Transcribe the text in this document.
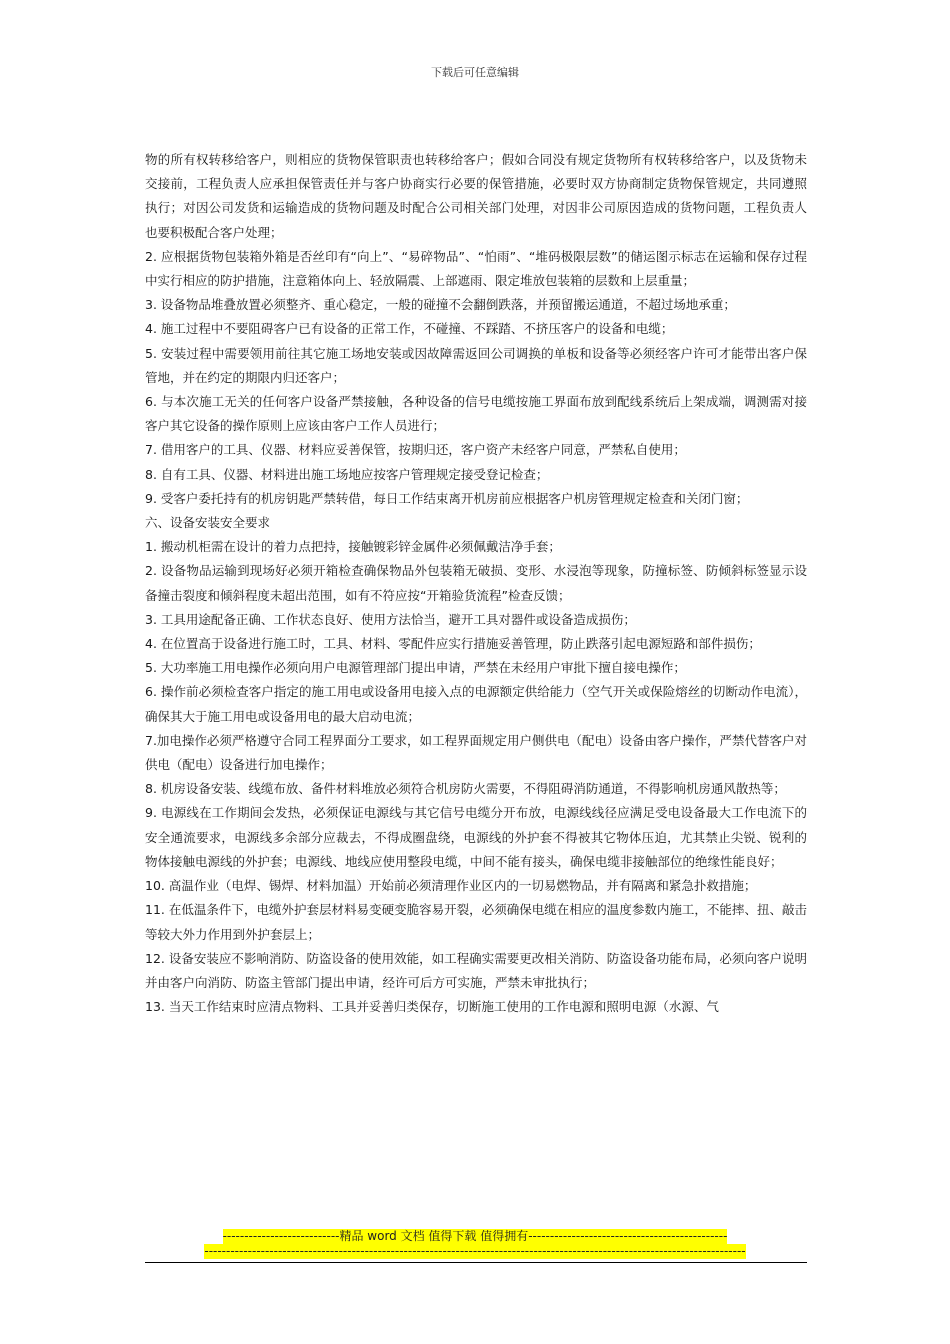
下载后可任意编辑

物的所有权转移给客户，则相应的货物保管职责也转移给客户；假如合同没有规定货物所有权转移给客户，以及货物未交接前，工程负责人应承担保管责任并与客户协商实行必要的保管措施，必要时双方协商制定货物保管规定，共同遵照执行；对因公司发货和运输造成的货物问题及时配合公司相关部门处理，对因非公司原因造成的货物问题，工程负责人也要积极配合客户处理；

2. 应根据货物包装箱外箱是否丝印有“向上”、“易碎物品”、“怕雨”、“堆码极限层数”的储运图示标志在运输和保存过程中实行相应的防护措施，注意箱体向上、轻放隔震、上部遮雨、限定堆放包装箱的层数和上层重量；

3. 设备物品堆叠放置必须整齐、重心稳定，一般的碰撞不会翻倒跌落，并预留搬运通道，不超过场地承重；

4. 施工过程中不要阻碍客户已有设备的正常工作，不碰撞、不踩踏、不挤压客户的设备和电缆；

5. 安装过程中需要领用前往其它施工场地安装或因故障需返回公司调换的单板和设备等必须经客户许可才能带出客户保管地，并在约定的期限内归还客户；

6. 与本次施工无关的任何客户设备严禁接触，各种设备的信号电缆按施工界面布放到配线系统后上架成端，调测需对接客户其它设备的操作原则上应该由客户工作人员进行；

7. 借用客户的工具、仪器、材料应妥善保管，按期归还，客户资产未经客户同意，严禁私自使用；

8. 自有工具、仪器、材料进出施工场地应按客户管理规定接受登记检查；

9. 受客户委托持有的机房钥匙严禁转借，每日工作结束离开机房前应根据客户机房管理规定检查和关闭门窗；

六、设备安装安全要求

1. 搬动机柜需在设计的着力点把持，接触镀彩锌金属件必须佩戴洁净手套；

2. 设备物品运输到现场好必须开箱检查确保物品外包装箱无破损、变形、水浸泡等现象，防撞标签、防倾斜标签显示设备撞击裂度和倾斜程度未超出范围，如有不符应按“开箱验货流程”检查反馈；

3. 工具用途配备正确、工作状态良好、使用方法恰当，避开工具对器件或设备造成损伤；

4. 在位置高于设备进行施工时，工具、材料、零配件应实行措施妥善管理，防止跌落引起电源短路和部件损伤；

5. 大功率施工用电操作必须向用户电源管理部门提出申请，严禁在未经用户审批下擅自接电操作；

6. 操作前必须检查客户指定的施工用电或设备用电接入点的电源额定供给能力（空气开关或保险熔丝的切断动作电流），确保其大于施工用电或设备用电的最大启动电流；

7.加电操作必须严格遵守合同工程界面分工要求，如工程界面规定用户侧供电（配电）设备由客户操作，严禁代替客户对供电（配电）设备进行加电操作；

8. 机房设备安装、线缆布放、备件材料堆放必须符合机房防火需要，不得阻碍消防通道，不得影响机房通风散热等；

9. 电源线在工作期间会发热，必须保证电源线与其它信号电缆分开布放，电源线线径应满足受电设备最大工作电流下的安全通流要求，电源线多余部分应裁去，不得成圈盘绕，电源线的外护套不得被其它物体压迫，尤其禁止尖锐、锐利的物体接触电源线的外护套；电源线、地线应使用整段电缆，中间不能有接头，确保电缆非接触部位的绝缘性能良好；

10. 高温作业（电焊、锡焊、材料加温）开始前必须清理作业区内的一切易燃物品，并有隔离和紧急扑救措施；

11. 在低温条件下，电缆外护套层材料易变硬变脆容易开裂，必须确保电缆在相应的温度参数内施工，不能摔、扭、敲击等较大外力作用到外护套层上；

12. 设备安装应不影响消防、防盗设备的使用效能，如工程确实需要更改相关消防、防盗设备功能布局，必须向客户说明并由客户向消防、防盗主管部门提出申请，经许可后方可实施，严禁未审批执行；

13. 当天工作结束时应清点物料、工具并妥善归类保存，切断施工使用的工作电源和照明电源（水源、气

---------------------------精品 word 文档 值得下载 值得拥有----------------------------------------------
-----------------------------------------------------------------------------------------------------------------------------
